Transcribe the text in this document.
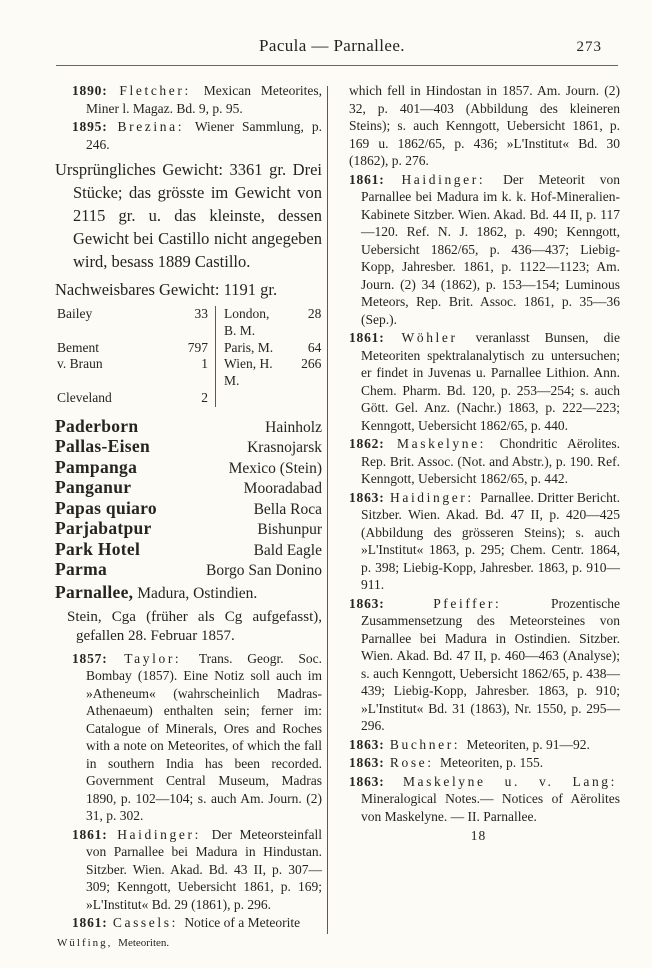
Pacula — Parnallee.	273

1890: Fletcher: Mexican Meteorites, Miner l. Magaz. Bd. 9, p. 95.

1895: Brezina: Wiener Sammlung, p. 246.

Ursprüngliches Gewicht: 3361 gr. Drei Stücke; das grösste im Gewicht von 2115 gr. u. das kleinste, dessen Gewicht bei Castillo nicht angegeben wird, besass 1889 Castillo.

Nachweisbares Gewicht: 1191 gr.

Bailey	33	London, B. M.	28
Bement	797	Paris, M.	64
v. Braun	1	Wien, H. M.	266
Cleveland	2		
Paderborn	Hainholz
Pallas-Eisen	Krasnojarsk
Pampanga	Mexico (Stein)
Panganur	Mooradabad
Papas quiaro	Bella Roca
Parjabatpur	Bishunpur
Park Hotel	Bald Eagle
Parma	Borgo San Donino
Parnallee, Madura, Ostindien.

Stein, Cga (früher als Cg aufgefasst), gefallen 28. Februar 1857.

1857: Taylor: Trans. Geogr. Soc. Bombay (1857). Eine Notiz soll auch im »Atheneum« (wahrscheinlich Madras-Athenaeum) enthalten sein; ferner im: Catalogue of Minerals, Ores and Roches with a note on Meteorites, of which the fall in southern India has been recorded. Government Central Museum, Madras 1890, p. 102—104; s. auch Am. Journ. (2) 31, p. 302.

1861: Haidinger: Der Meteorsteinfall von Parnallee bei Madura in Hindustan. Sitzber. Wien. Akad. Bd. 43 II, p. 307—309; Kenngott, Uebersicht 1861, p. 169; »L'Institut« Bd. 29 (1861), p. 296.

1861: Cassels: Notice of a Meteorite

Wülfing, Meteoriten.

which fell in Hindostan in 1857. Am. Journ. (2) 32, p. 401—403 (Abbildung des kleineren Steins); s. auch Kenngott, Uebersicht 1861, p. 169 u. 1862/65, p. 436; »L'Institut« Bd. 30 (1862), p. 276.

1861: Haidinger: Der Meteorit von Parnallee bei Madura im k. k. Hof-Mineralien-Kabinete Sitzber. Wien. Akad. Bd. 44 II, p. 117—120. Ref. N. J. 1862, p. 490; Kenngott, Uebersicht 1862/65, p. 436—437; Liebig-Kopp, Jahresber. 1861, p. 1122—1123; Am. Journ. (2) 34 (1862), p. 153—154; Luminous Meteors, Rep. Brit. Assoc. 1861, p. 35—36 (Sep.).

1861: Wöhler veranlasst Bunsen, die Meteoriten spektralanalytisch zu untersuchen; er findet in Juvenas u. Parnallee Lithion. Ann. Chem. Pharm. Bd. 120, p. 253—254; s. auch Gött. Gel. Anz. (Nachr.) 1863, p. 222—223; Kenngott, Uebersicht 1862/65, p. 440.

1862: Maskelyne: Chondritic Aërolites. Rep. Brit. Assoc. (Not. and Abstr.), p. 190. Ref. Kenngott, Uebersicht 1862/65, p. 442.

1863: Haidinger: Parnallee. Dritter Bericht. Sitzber. Wien. Akad. Bd. 47 II, p. 420—425 (Abbildung des grösseren Steins); s. auch »L'Institut« 1863, p. 295; Chem. Centr. 1864, p. 398; Liebig-Kopp, Jahresber. 1863, p. 910—911.

1863:	Pfeiffer:	Prozentische Zusammensetzung des Meteorsteines von Parnallee bei Madura in Ostindien. Sitzber. Wien. Akad. Bd. 47 II, p. 460—463 (Analyse); s. auch Kenngott, Uebersicht 1862/65, p. 438—439; Liebig-Kopp, Jahresber. 1863, p. 910; »L'Institut« Bd. 31 (1863), Nr. 1550, p. 295—296.

1863: Buchner: Meteoriten, p. 91—92.

1863: Rose: Meteoriten, p. 155.

1863: Maskelyne u. v. Lang: Mineralogical Notes.— Notices of Aërolites von Maskelyne. — II. Parnallee.

18
